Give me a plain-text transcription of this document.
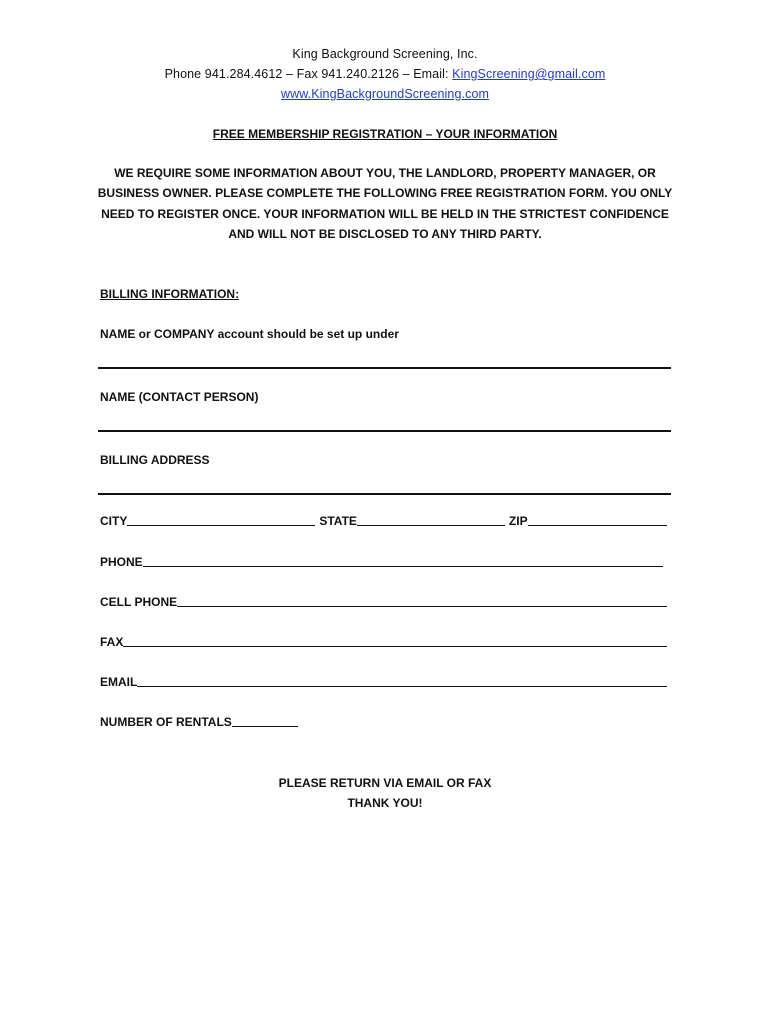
King Background Screening, Inc.
Phone 941.284.4612 – Fax 941.240.2126 – Email: KingScreening@gmail.com
www.KingBackgroundScreening.com
FREE MEMBERSHIP REGISTRATION – YOUR INFORMATION
WE REQUIRE SOME INFORMATION ABOUT YOU, THE LANDLORD, PROPERTY MANAGER, OR BUSINESS OWNER. PLEASE COMPLETE THE FOLLOWING FREE REGISTRATION FORM. YOU ONLY NEED TO REGISTER ONCE. YOUR INFORMATION WILL BE HELD IN THE STRICTEST CONFIDENCE AND WILL NOT BE DISCLOSED TO ANY THIRD PARTY.
BILLING INFORMATION:
NAME or COMPANY account should be set up under
NAME (CONTACT PERSON)
BILLING ADDRESS
CITY	STATE	ZIP
PHONE
CELL PHONE
FAX
EMAIL
NUMBER OF RENTALS
PLEASE RETURN VIA EMAIL OR FAX
THANK YOU!
